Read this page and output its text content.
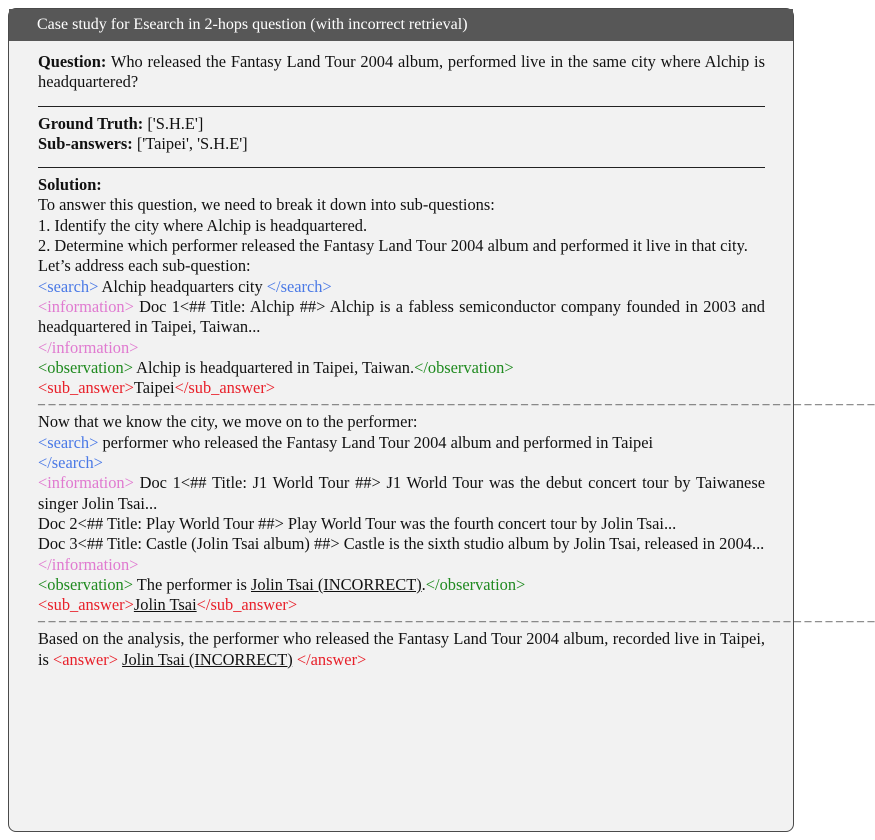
Case study for Esearch in 2-hops question (with incorrect retrieval)

Question: Who released the Fantasy Land Tour 2004 album, performed live in the same city where Alchip is headquartered?

Ground Truth: ['S.H.E']

Sub-answers: ['Taipei', 'S.H.E']

Solution:

To answer this question, we need to break it down into sub-questions:

1. Identify the city where Alchip is headquartered.

2. Determine which performer released the Fantasy Land Tour 2004 album and performed it live in that city.

Let’s address each sub-question:

<search> Alchip headquarters city </search>

<information> Doc 1<## Title: Alchip ##> Alchip is a fabless semiconductor company founded in 2003 and headquartered in Taipei, Taiwan...

</information>

<observation> Alchip is headquartered in Taipei, Taiwan.</observation>

<sub_answer>Taipei</sub_answer>

– – – – – – – – – – – – – – – – – – – – – – – – – – – – – – – – – – – – – – – – – – – – – – – – – – – – – – – – – – – – – – – – – – – – – – – – – – – – – – – –

Now that we know the city, we move on to the performer:

<search> performer who released the Fantasy Land Tour 2004 album and performed in Taipei

</search>

<information> Doc 1<## Title: J1 World Tour ##> J1 World Tour was the debut concert tour by Taiwanese singer Jolin Tsai...

Doc 2<## Title: Play World Tour ##> Play World Tour was the fourth concert tour by Jolin Tsai...

Doc 3<## Title: Castle (Jolin Tsai album) ##> Castle is the sixth studio album by Jolin Tsai, released in 2004...

</information>

<observation> The performer is Jolin Tsai (INCORRECT).</observation>

<sub_answer>Jolin Tsai</sub_answer>

– – – – – – – – – – – – – – – – – – – – – – – – – – – – – – – – – – – – – – – – – – – – – – – – – – – – – – – – – – – – – – – – – – – – – – – – – – – – – – – –

Based on the analysis, the performer who released the Fantasy Land Tour 2004 album, recorded live in Taipei, is <answer> Jolin Tsai (INCORRECT) </answer>
